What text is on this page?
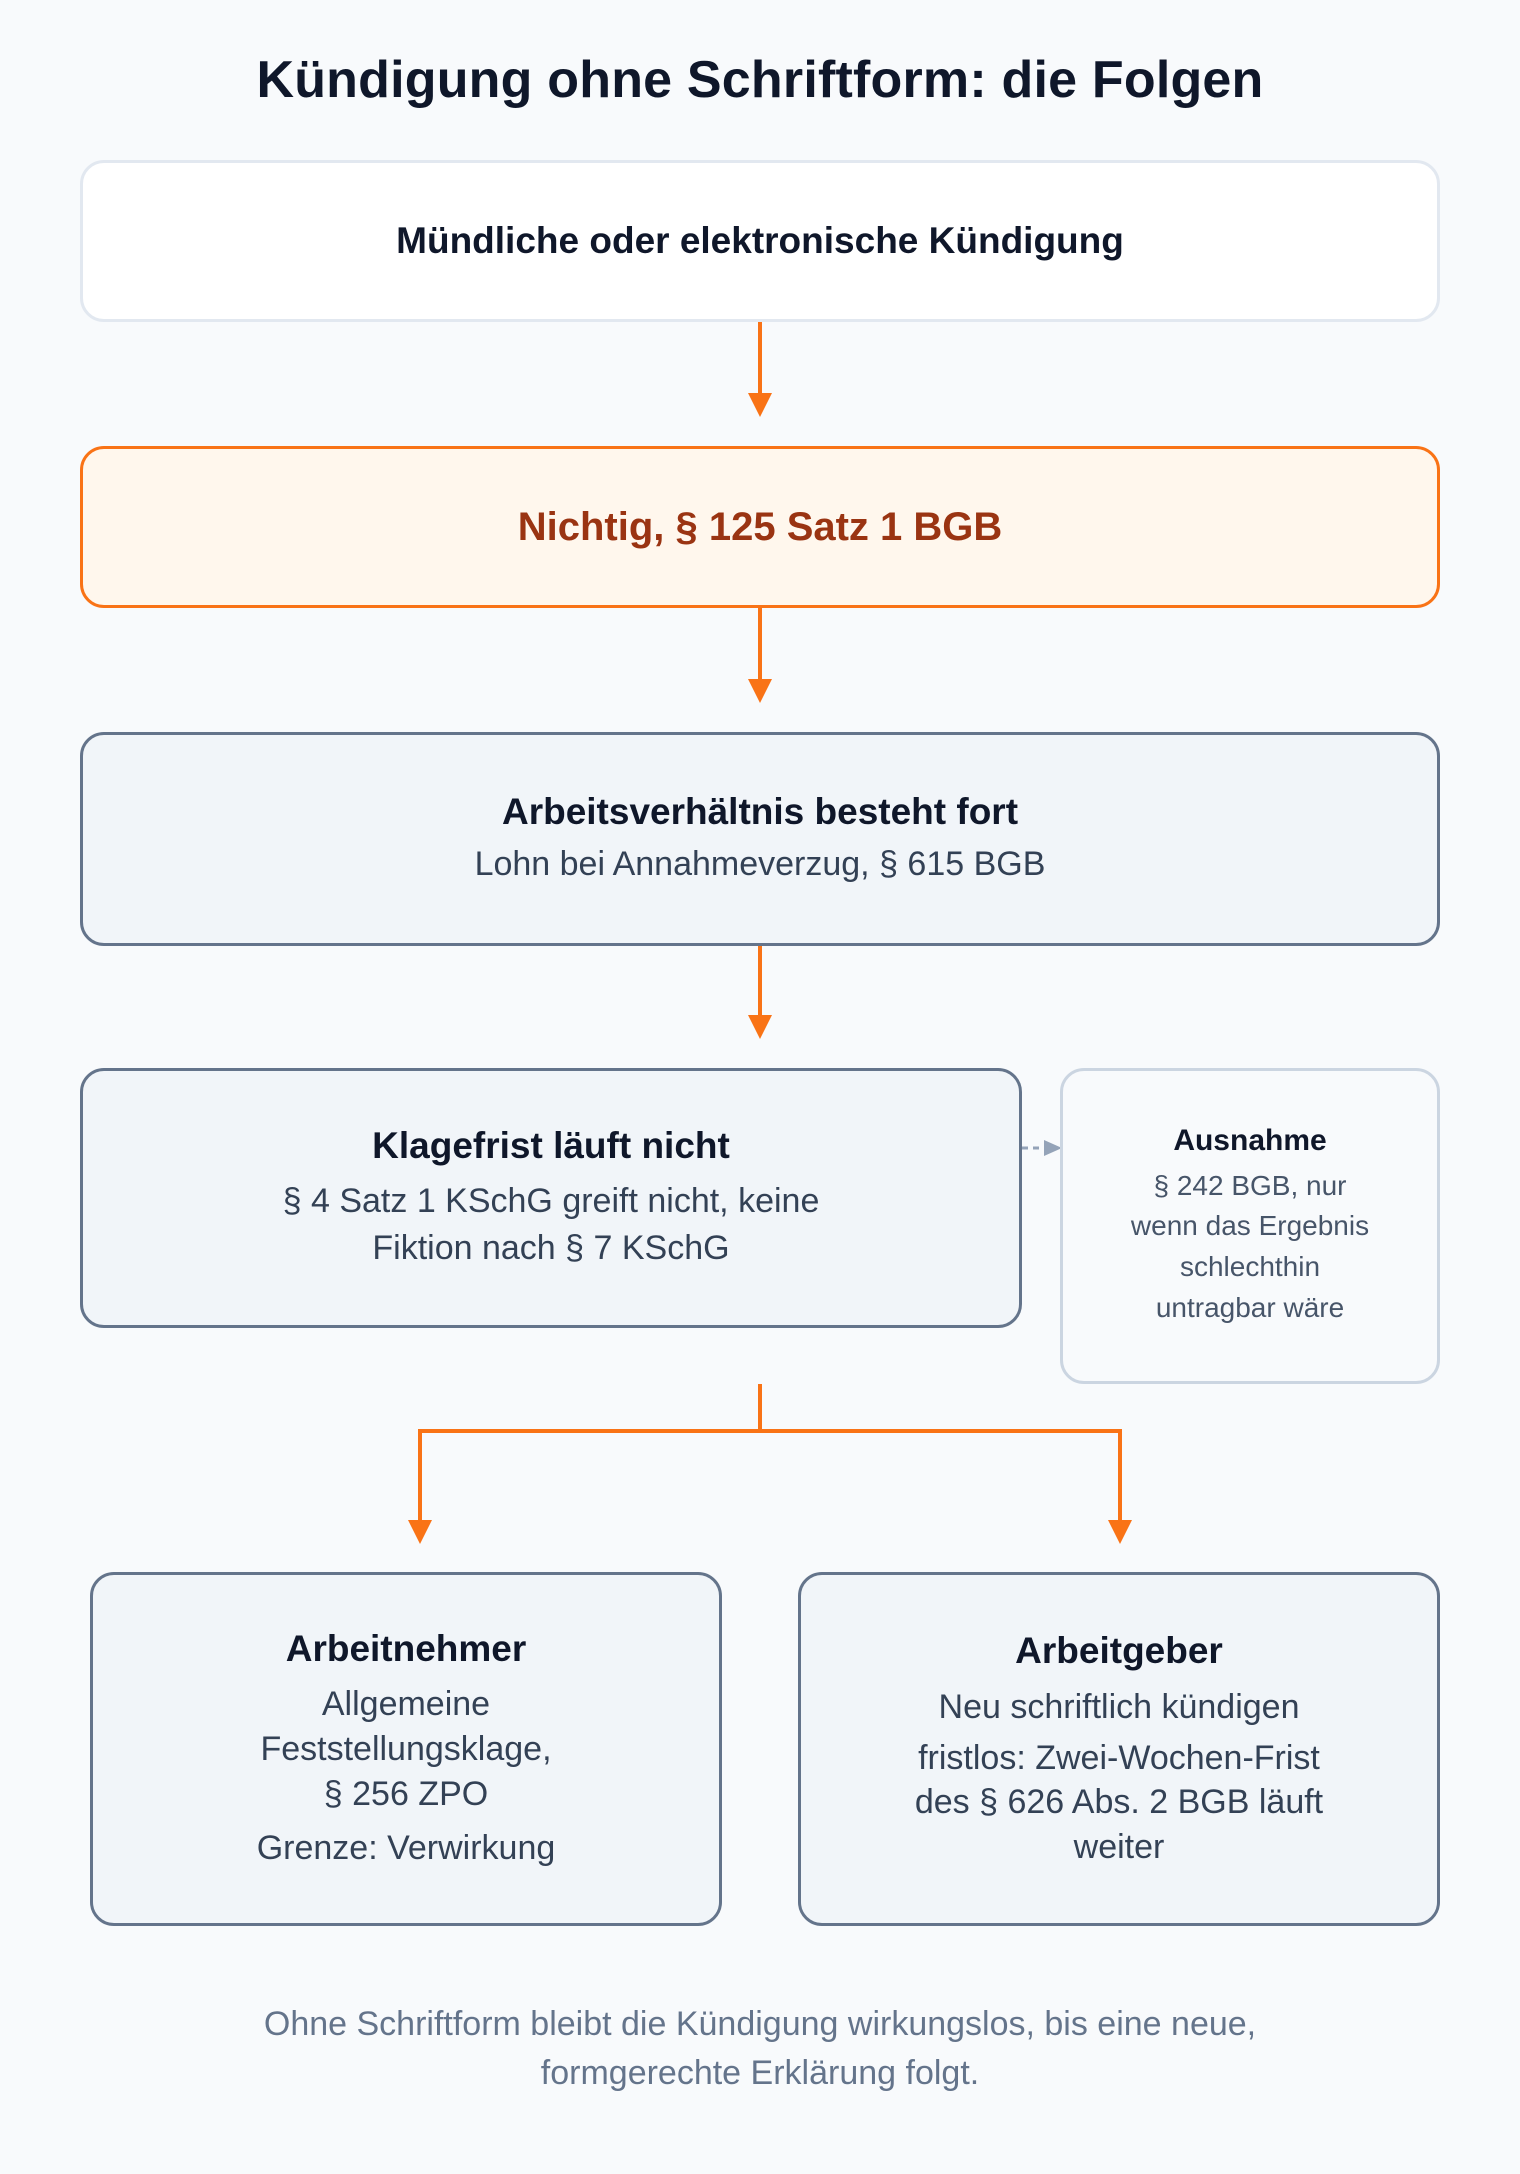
Kündigung ohne Schriftform: die Folgen
Mündliche oder elektronische Kündigung
Nichtig, § 125 Satz 1 BGB
Arbeitsverhältnis besteht fort
Lohn bei Annahmeverzug, § 615 BGB
Klagefrist läuft nicht
§ 4 Satz 1 KSchG greift nicht, keine
Fiktion nach § 7 KSchG
Ausnahme
§ 242 BGB, nur
wenn das Ergebnis
schlechthin
untragbar wäre
Arbeitnehmer
Allgemeine
Feststellungsklage,
§ 256 ZPO
Grenze: Verwirkung
Arbeitgeber
Neu schriftlich kündigen
fristlos: Zwei-Wochen-Frist
des § 626 Abs. 2 BGB läuft
weiter
Ohne Schriftform bleibt die Kündigung wirkungslos, bis eine neue,
formgerechte Erklärung folgt.
